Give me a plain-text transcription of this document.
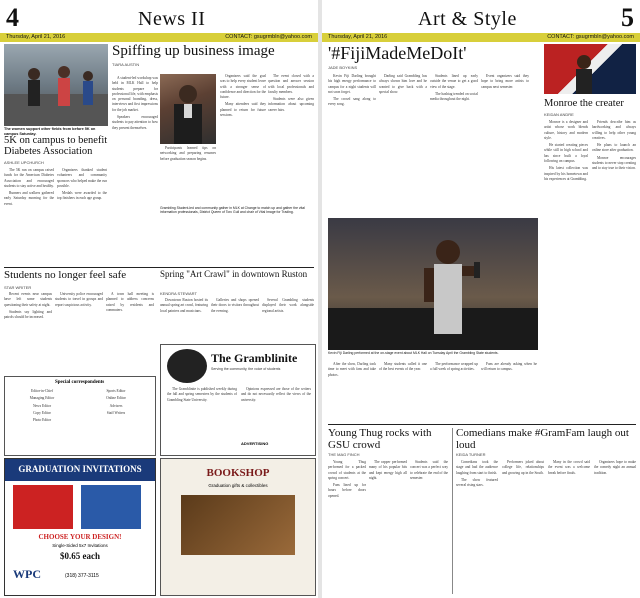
4	News II
Thursday, April 21, 2016	CONTACT: gsugrmbln@yahoo.com
Spiffing up business image
TIARA AUSTIN

A student-led workshop was held in MLK Hall to help students prepare for professional life, with emphasis on personal branding, dress, interviews and first impressions for the job market.

Speakers encouraged students to pay attention to how they present themselves.

Participants learned tips on networking and preparing resumes before graduation season begins.

Organizers said the goal was to help every student leave with a stronger sense of confidence and direction for the future.

Many attendees said they planned to return for future sessions.

The event closed with a question and answer session with local professionals and faculty members.

Students were also given information about upcoming career fairs.

Grambling Student-led and community gather in MLK at Change to match up and gather the vital information professionals, District Queen of Torc Gull and chair of Vital Image for Trading.
The women support other fields from before 5K on campus Saturday.
5K on campus to benefit Diabetes Association
ASHLEE UPCHURCH

The 5K run on campus raised funds for the American Diabetes Association and encouraged students to stay active and healthy.

Runners and walkers gathered early Saturday morning for the event.

Organizers thanked student volunteers and community sponsors who helped make the run possible.

Medals were awarded to the top finishers in each age group.

Students no longer feel safe
STAR WRITER

Recent events near campus have left some students questioning their safety at night.

Students say lighting and patrols should be increased.

University police encouraged students to travel in groups and report suspicious activity.

A town hall meeting is planned to address concerns raised by residents and commuters.

Special correspondents

Editor-in-Chief

Managing Editor

News Editor

Copy Editor

Photo Editor

Sports Editor

Online Editor

Advisers

Staff Writers

Spring "Art Crawl" in downtown Ruston
KENDRA STEWART

Downtown Ruston hosted its annual spring art crawl, featuring local painters and musicians.

Galleries and shops opened their doors to visitors throughout the evening.

Several Grambling students displayed their work alongside regional artists.

The Gramblinite
Serving the community, the voice of students

The Gramblinite is published weekly during the fall and spring semesters by the students of Grambling State University.

Opinions expressed are those of the writers and do not necessarily reflect the views of the university.

ADVERTISING
GRADUATION INVITATIONS
CHOOSE YOUR DESIGN!
Single-Sided 5x7 Invitations
$0.65 each
WPC	(318) 377-3115
BOOKSHOP
Graduation gifts & collectibles
Art & Style	5
Thursday, April 21, 2016	CONTACT: gsugrmbln@yahoo.com
'#FijiMadeMeDoIt'
JADE BOYKINS

Kevin Fiji Darling brought his high energy performance to campus for a night students will not soon forget.

The crowd sang along to every song.

Darling said Grambling has always shown him love and he wanted to give back with a special show.

Students lined up early outside the venue to get a good view of the stage.

The hashtag trended on social media throughout the night.

Event organizers said they hope to bring more artists to campus next semester.

Kevin Fiji Darling performed at the on-stage event about MLK Hall on Tuesday April the Grambling State students.

After the show, Darling took time to meet with fans and take photos.

Many students called it one of the best events of the year.

The performance wrapped up a full week of spring activities.

Fans are already asking when he will return to campus.

Monroe the creater
KEIDAN ANDRE

Monroe is a designer and artist whose work blends culture, history and modern style.

He started creating pieces while still in high school and has since built a loyal following on campus.

His latest collection was inspired by his hometown and his experiences at Grambling.

Friends describe him as hardworking and always willing to help other young creatives.

He plans to launch an online store after graduation.

Monroe encourages students to never stop creating and to stay true to their vision.

Young Thug rocks with GSU crowd
THE MAG FINCH

Young Thug performed for a packed crowd of students at the spring concert.

Fans lined up for hours before doors opened.

The rapper performed many of his popular hits and kept energy high all night.

Students said the concert was a perfect way to celebrate the end of the semester.

Comedians make #GramFam laugh out loud
KEIDA TURNER

Comedians took the stage and had the audience laughing from start to finish.

The show featured several rising stars.

Performers joked about college life, relationships and growing up in the South.

Many in the crowd said the event was a welcome break before finals.

Organizers hope to make the comedy night an annual tradition.
